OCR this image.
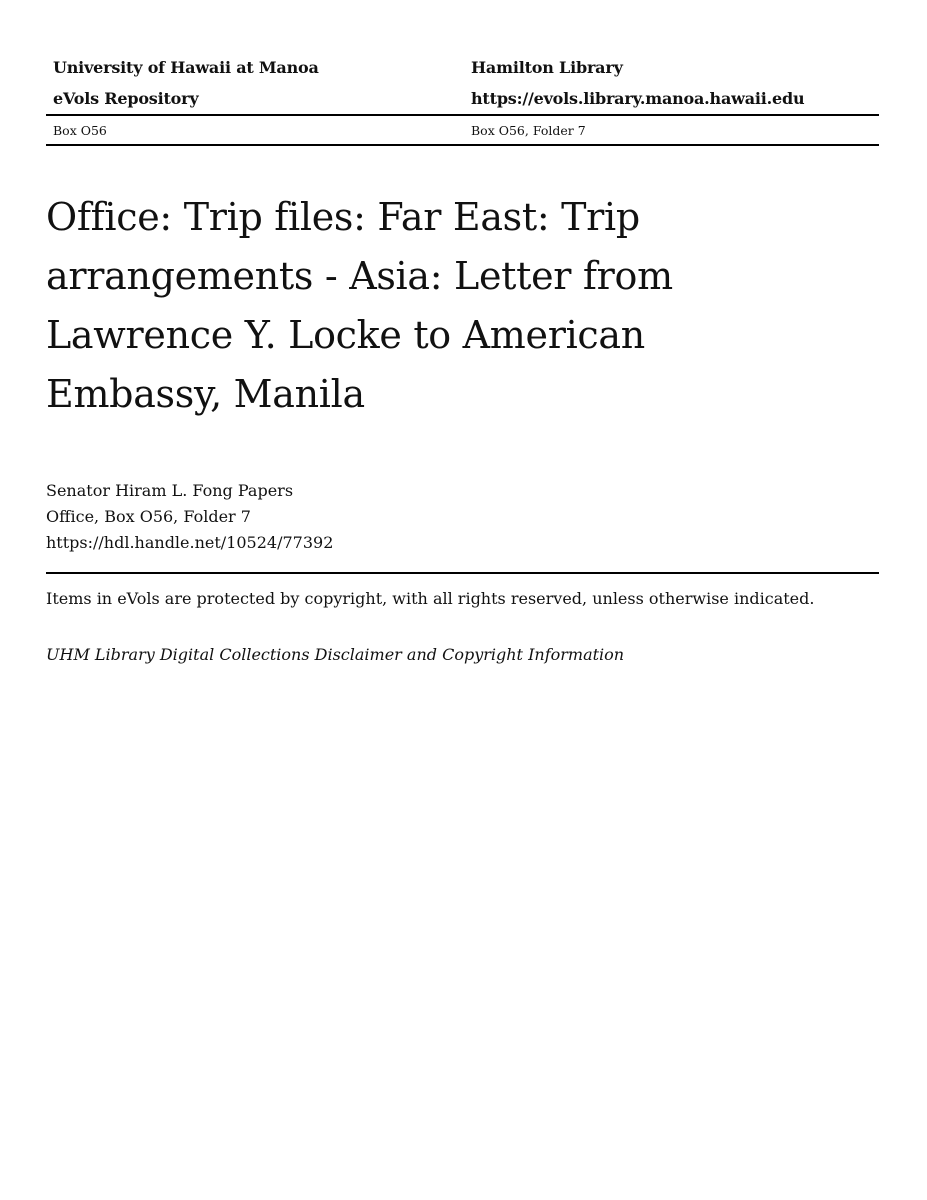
University of Hawaii at Manoa	Hamilton Library
eVols Repository	https://evols.library.manoa.hawaii.edu
Box O56	Box O56, Folder 7
Office: Trip files: Far East: Trip arrangements - Asia: Letter from Lawrence Y. Locke to American Embassy, Manila
Senator Hiram L. Fong Papers
Office, Box O56, Folder 7
https://hdl.handle.net/10524/77392
Items in eVols are protected by copyright, with all rights reserved, unless otherwise indicated.
UHM Library Digital Collections Disclaimer and Copyright Information
